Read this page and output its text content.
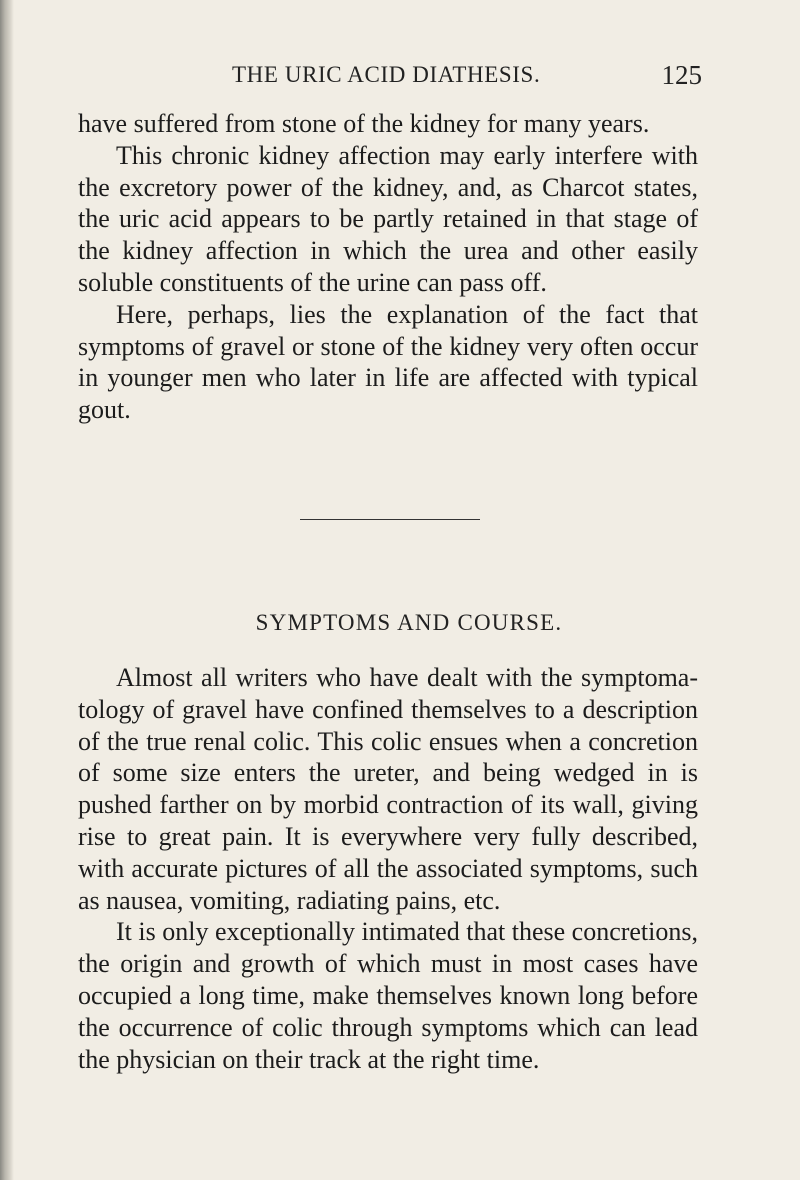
THE URIC ACID DIATHESIS.	125

have suffered from stone of the kidney for many years.

This chronic kidney affection may early interfere with the excretory power of the kidney, and, as Charcot states, the uric acid appears to be partly retained in that stage of the kidney affection in which the urea and other easily soluble constituents of the urine can pass off.

Here, perhaps, lies the explanation of the fact that symptoms of gravel or stone of the kidney very often occur in younger men who later in life are affected with typical gout.

SYMPTOMS AND COURSE.

Almost all writers who have dealt with the symptomatology of gravel have confined themselves to a description of the true renal colic. This colic ensues when a concretion of some size enters the ureter, and being wedged in is pushed farther on by morbid contraction of its wall, giving rise to great pain. It is everywhere very fully described, with accurate pictures of all the associated symptoms, such as nausea, vomiting, radiating pains, etc.

It is only exceptionally intimated that these concretions, the origin and growth of which must in most cases have occupied a long time, make themselves known long before the occurrence of colic through symptoms which can lead the physician on their track at the right time.
